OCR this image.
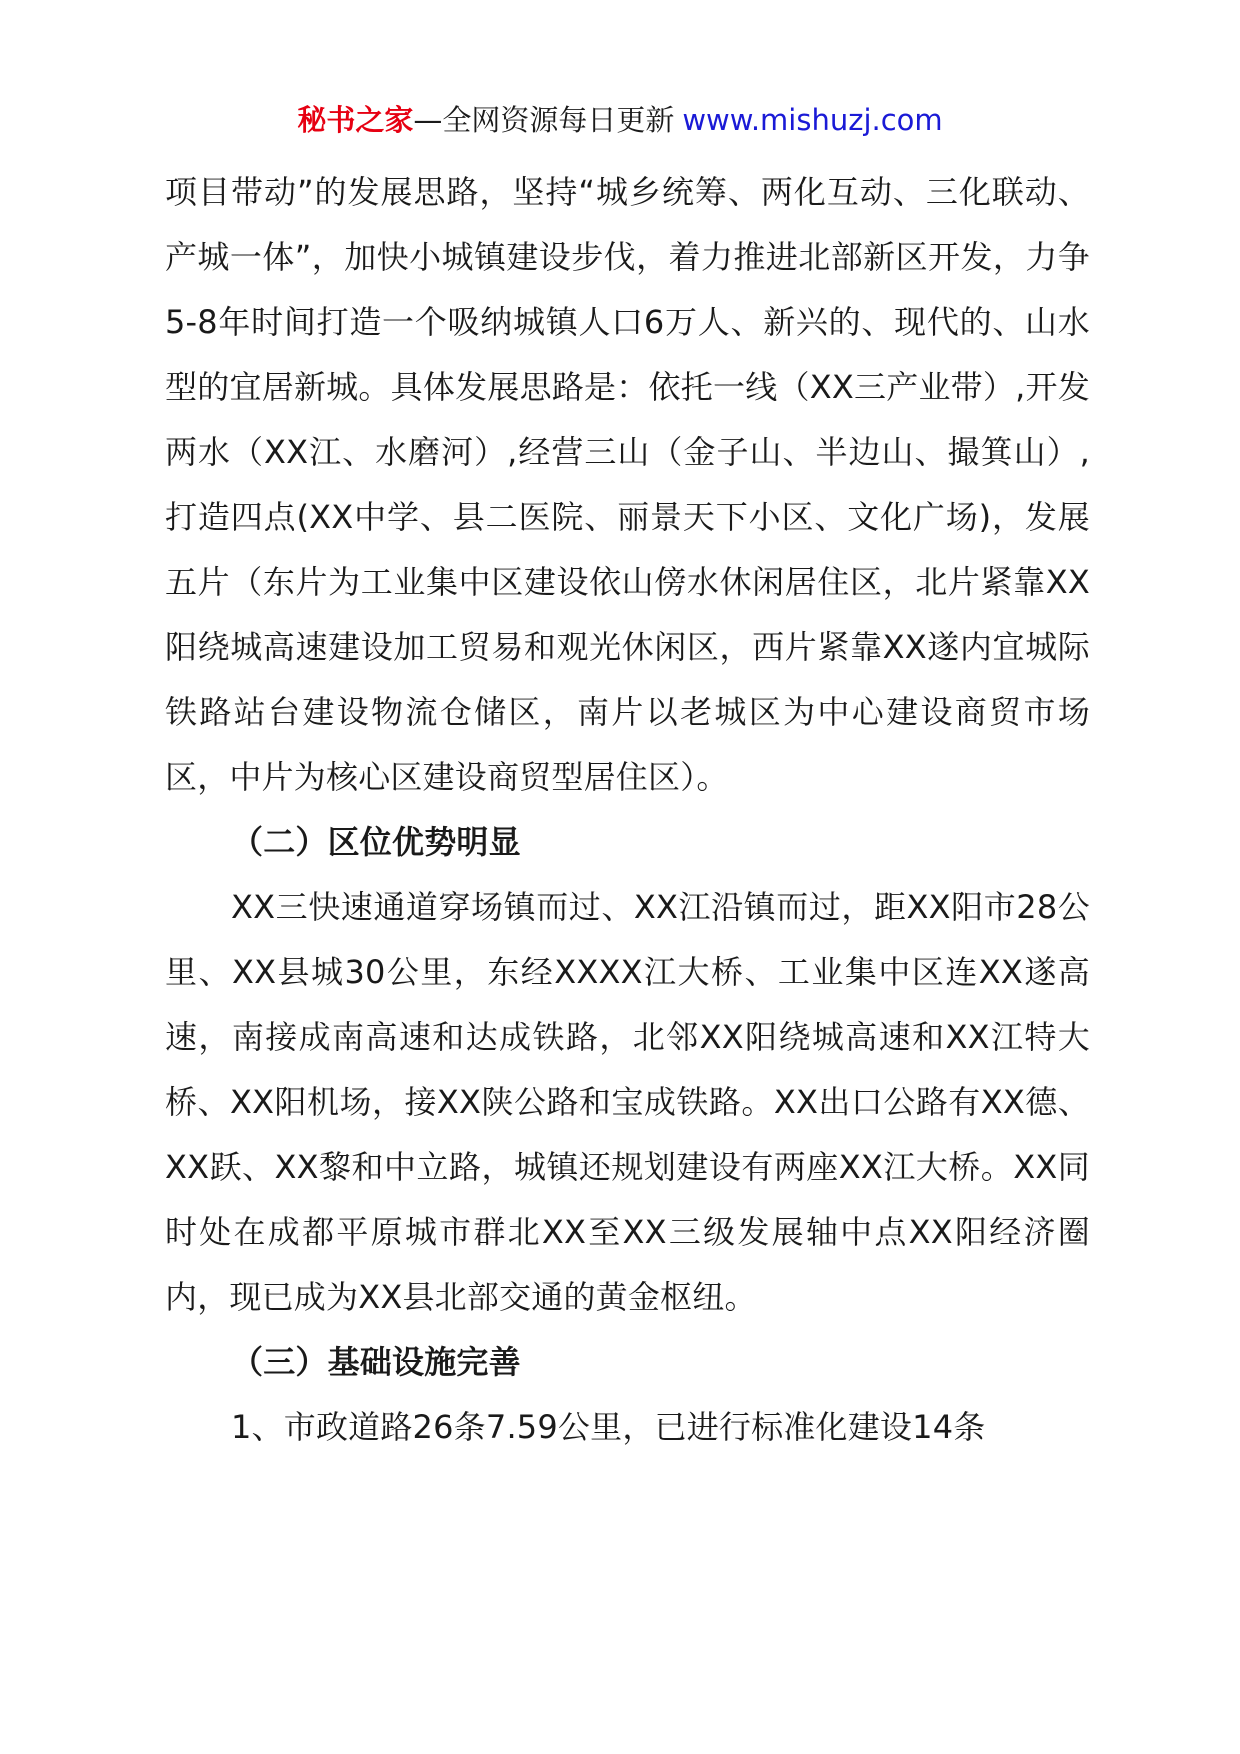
秘书之家—全网资源每日更新 www.mishuzj.com

项目带动”的发展思路，坚持“城乡统筹、两化互动、三化联动、产城一体”，加快小城镇建设步伐，着力推进北部新区开发，力争5-8年时间打造一个吸纳城镇人口6万人、新兴的、现代的、山水型的宜居新城。具体发展思路是：依托一线（XX三产业带）,开发两水（XX江、水磨河）,经营三山（金子山、半边山、撮箕山）,打造四点(XX中学、县二医院、丽景天下小区、文化广场)，发展五片（东片为工业集中区建设依山傍水休闲居住区，北片紧靠XX阳绕城高速建设加工贸易和观光休闲区，西片紧靠XX遂内宜城际铁路站台建设物流仓储区，南片以老城区为中心建设商贸市场区，中片为核心区建设商贸型居住区）。

（二）区位优势明显

XX三快速通道穿场镇而过、XX江沿镇而过，距XX阳市28公里、XX县城30公里，东经XXXX江大桥、工业集中区连XX遂高速，南接成南高速和达成铁路，北邻XX阳绕城高速和XX江特大桥、XX阳机场，接XX陕公路和宝成铁路。XX出口公路有XX德、XX跃、XX黎和中立路，城镇还规划建设有两座XX江大桥。XX同时处在成都平原城市群北XX至XX三级发展轴中点XX阳经济圈内，现已成为XX县北部交通的黄金枢纽。

（三）基础设施完善

1、市政道路26条7.59公里，已进行标准化建设14条
